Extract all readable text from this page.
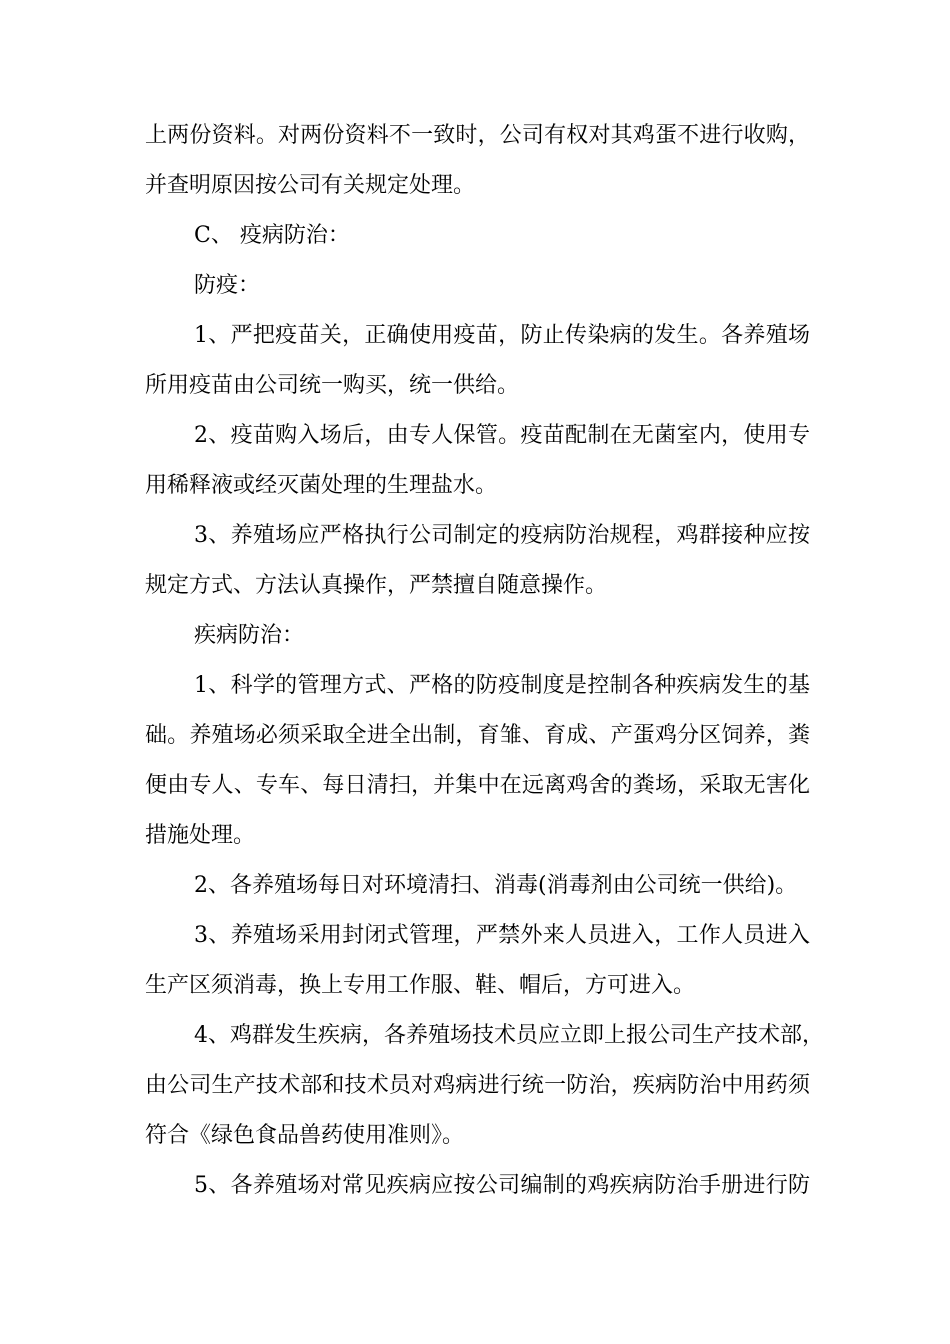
上两份资料。对两份资料不一致时，公司有权对其鸡蛋不进行收购，
并查明原因按公司有关规定处理。
C、 疫病防治：
防疫：
1、严把疫苗关，正确使用疫苗，防止传染病的发生。各养殖场
所用疫苗由公司统一购买，统一供给。
2、疫苗购入场后，由专人保管。疫苗配制在无菌室内，使用专
用稀释液或经灭菌处理的生理盐水。
3、养殖场应严格执行公司制定的疫病防治规程，鸡群接种应按
规定方式、方法认真操作，严禁擅自随意操作。
疾病防治：
1、科学的管理方式、严格的防疫制度是控制各种疾病发生的基
础。养殖场必须采取全进全出制，育雏、育成、产蛋鸡分区饲养，粪
便由专人、专车、每日清扫，并集中在远离鸡舍的粪场，采取无害化
措施处理。
2、各养殖场每日对环境清扫、消毒(消毒剂由公司统一供给)。
3、养殖场采用封闭式管理，严禁外来人员进入，工作人员进入
生产区须消毒，换上专用工作服、鞋、帽后，方可进入。
4、鸡群发生疾病，各养殖场技术员应立即上报公司生产技术部，
由公司生产技术部和技术员对鸡病进行统一防治，疾病防治中用药须
符合《绿色食品兽药使用准则》。
5、各养殖场对常见疾病应按公司编制的鸡疾病防治手册进行防
